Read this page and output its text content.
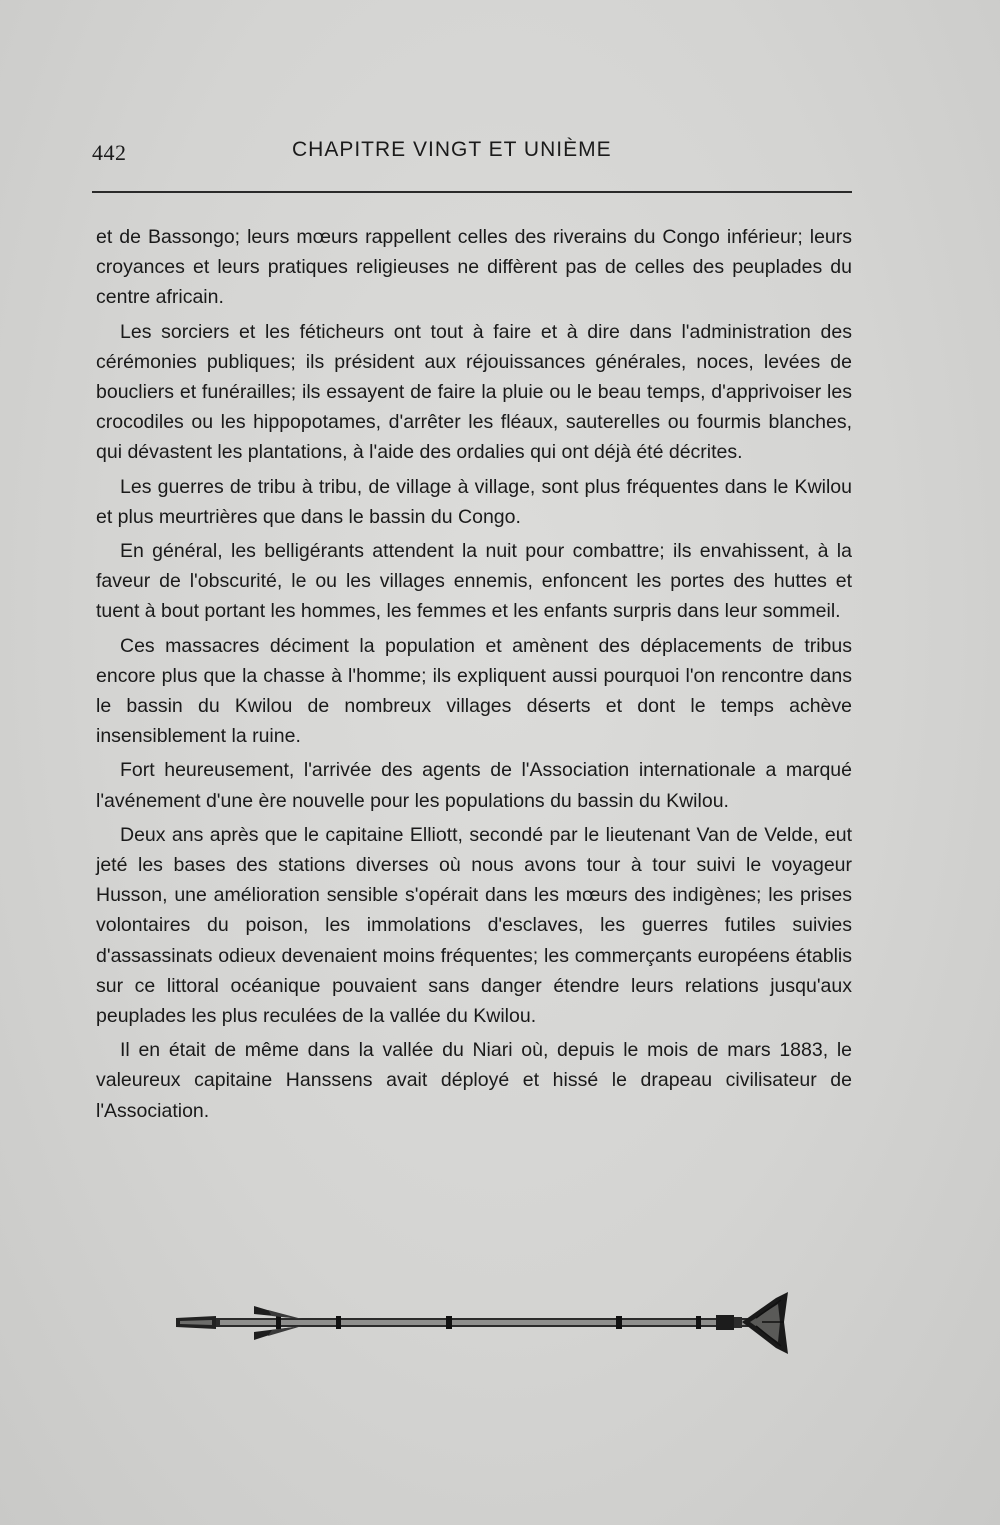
442	CHAPITRE VINGT ET UNIÈME

et de Bassongo; leurs mœurs rappellent celles des riverains du Congo inférieur; leurs croyances et leurs pratiques religieuses ne diffèrent pas de celles des peuplades du centre africain.

Les sorciers et les féticheurs ont tout à faire et à dire dans l'administration des cérémonies publiques; ils président aux réjouissances générales, noces, levées de boucliers et funérailles; ils essayent de faire la pluie ou le beau temps, d'apprivoiser les crocodiles ou les hippopotames, d'arrêter les fléaux, sauterelles ou fourmis blanches, qui dévastent les plantations, à l'aide des ordalies qui ont déjà été décrites.

Les guerres de tribu à tribu, de village à village, sont plus fréquentes dans le Kwilou et plus meurtrières que dans le bassin du Congo.

En général, les belligérants attendent la nuit pour combattre; ils envahissent, à la faveur de l'obscurité, le ou les villages ennemis, enfoncent les portes des huttes et tuent à bout portant les hommes, les femmes et les enfants surpris dans leur sommeil.

Ces massacres déciment la population et amènent des déplacements de tribus encore plus que la chasse à l'homme; ils expliquent aussi pourquoi l'on rencontre dans le bassin du Kwilou de nombreux villages déserts et dont le temps achève insensiblement la ruine.

Fort heureusement, l'arrivée des agents de l'Association internationale a marqué l'avénement d'une ère nouvelle pour les populations du bassin du Kwilou.

Deux ans après que le capitaine Elliott, secondé par le lieutenant Van de Velde, eut jeté les bases des stations diverses où nous avons tour à tour suivi le voyageur Husson, une amélioration sensible s'opérait dans les mœurs des indigènes; les prises volontaires du poison, les immolations d'esclaves, les guerres futiles suivies d'assassinats odieux devenaient moins fréquentes; les commerçants européens établis sur ce littoral océanique pouvaient sans danger étendre leurs relations jusqu'aux peuplades les plus reculées de la vallée du Kwilou.

Il en était de même dans la vallée du Niari où, depuis le mois de mars 1883, le valeureux capitaine Hanssens avait déployé et hissé le drapeau civilisateur de l'Association.
